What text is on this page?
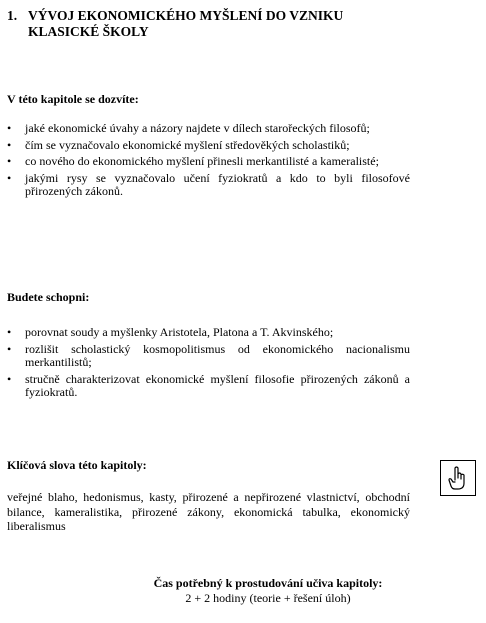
1. VÝVOJ EKONOMICKÉHO MYŠLENÍ DO VZNIKU
KLASICKÉ ŠKOLY
V této kapitole se dozvíte:
• jaké ekonomické úvahy a názory najdete v dílech starořeckých filosofů;
• čím se vyznačovalo ekonomické myšlení středověkých scholastiků;
• co nového do ekonomického myšlení přinesli merkantilisté a kameralisté;
• jakými rysy se vyznačovalo učení fyziokratů a kdo to byli filosofové přirozených zákonů.
Budete schopni:
• porovnat soudy a myšlenky Aristotela, Platona a T. Akvinského;
• rozlišit scholastický kosmopolitismus od ekonomického nacionalismu merkantilistů;
• stručně charakterizovat ekonomické myšlení filosofie přirozených zákonů a fyziokratů.
Klíčová slova této kapitoly:
veřejné blaho, hedonismus, kasty, přirozené a nepřirozené vlastnictví, obchodní bilance, kameralistika, přirozené zákony, ekonomická tabulka, ekonomický liberalismus
Čas potřebný k prostudování učiva kapitoly:
2 + 2 hodiny (teorie + řešení úloh)
